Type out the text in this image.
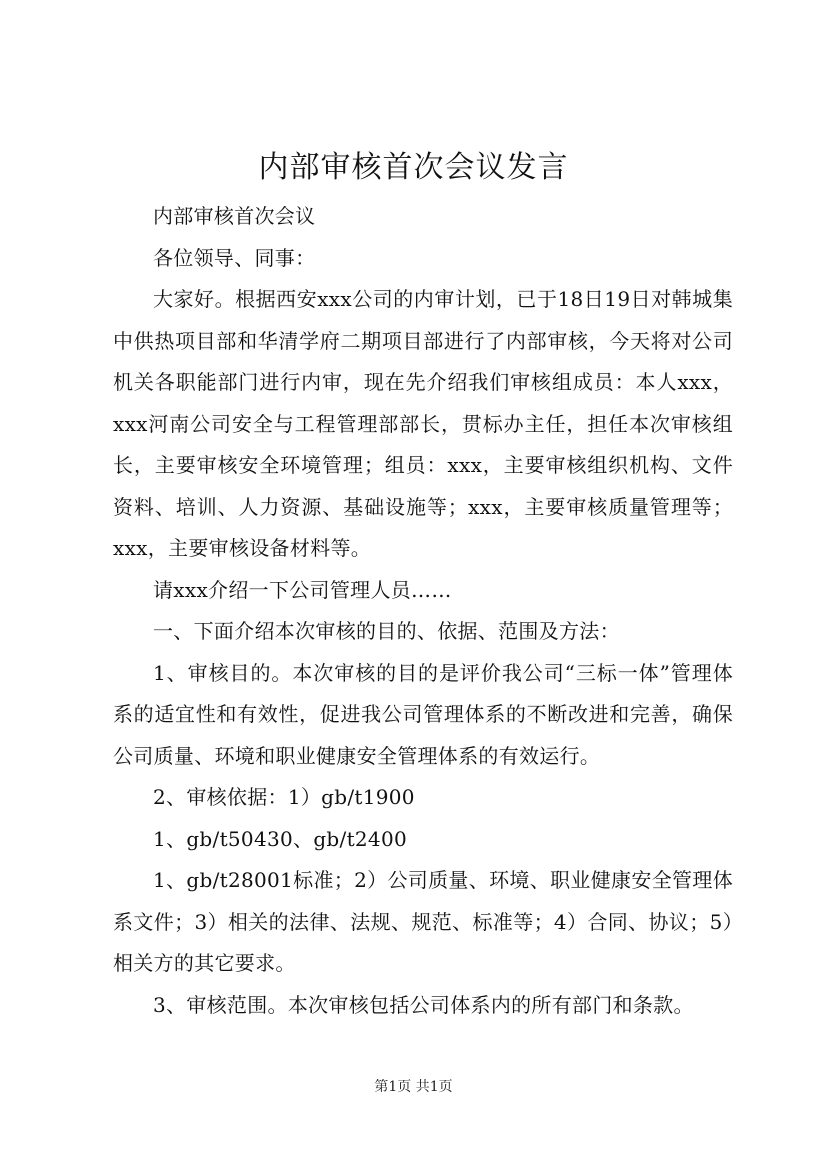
内部审核首次会议发言

内部审核首次会议

各位领导、同事：

大家好。根据西安xxx公司的内审计划，已于18日19日对韩城集中供热项目部和华清学府二期项目部进行了内部审核，今天将对公司机关各职能部门进行内审，现在先介绍我们审核组成员：本人xxx，xxx河南公司安全与工程管理部部长，贯标办主任，担任本次审核组长，主要审核安全环境管理；组员：xxx，主要审核组织机构、文件资料、培训、人力资源、基础设施等；xxx，主要审核质量管理等；xxx，主要审核设备材料等。

请xxx介绍一下公司管理人员……

一、下面介绍本次审核的目的、依据、范围及方法：

1、审核目的。本次审核的目的是评价我公司“三标一体”管理体系的适宜性和有效性，促进我公司管理体系的不断改进和完善，确保公司质量、环境和职业健康安全管理体系的有效运行。

2、审核依据：1）gb/t1900

1、gb/t50430、gb/t2400

1、gb/t28001标准；2）公司质量、环境、职业健康安全管理体系文件；3）相关的法律、法规、规范、标准等；4）合同、协议；5）相关方的其它要求。

3、审核范围。本次审核包括公司体系内的所有部门和条款。

第1页 共1页
